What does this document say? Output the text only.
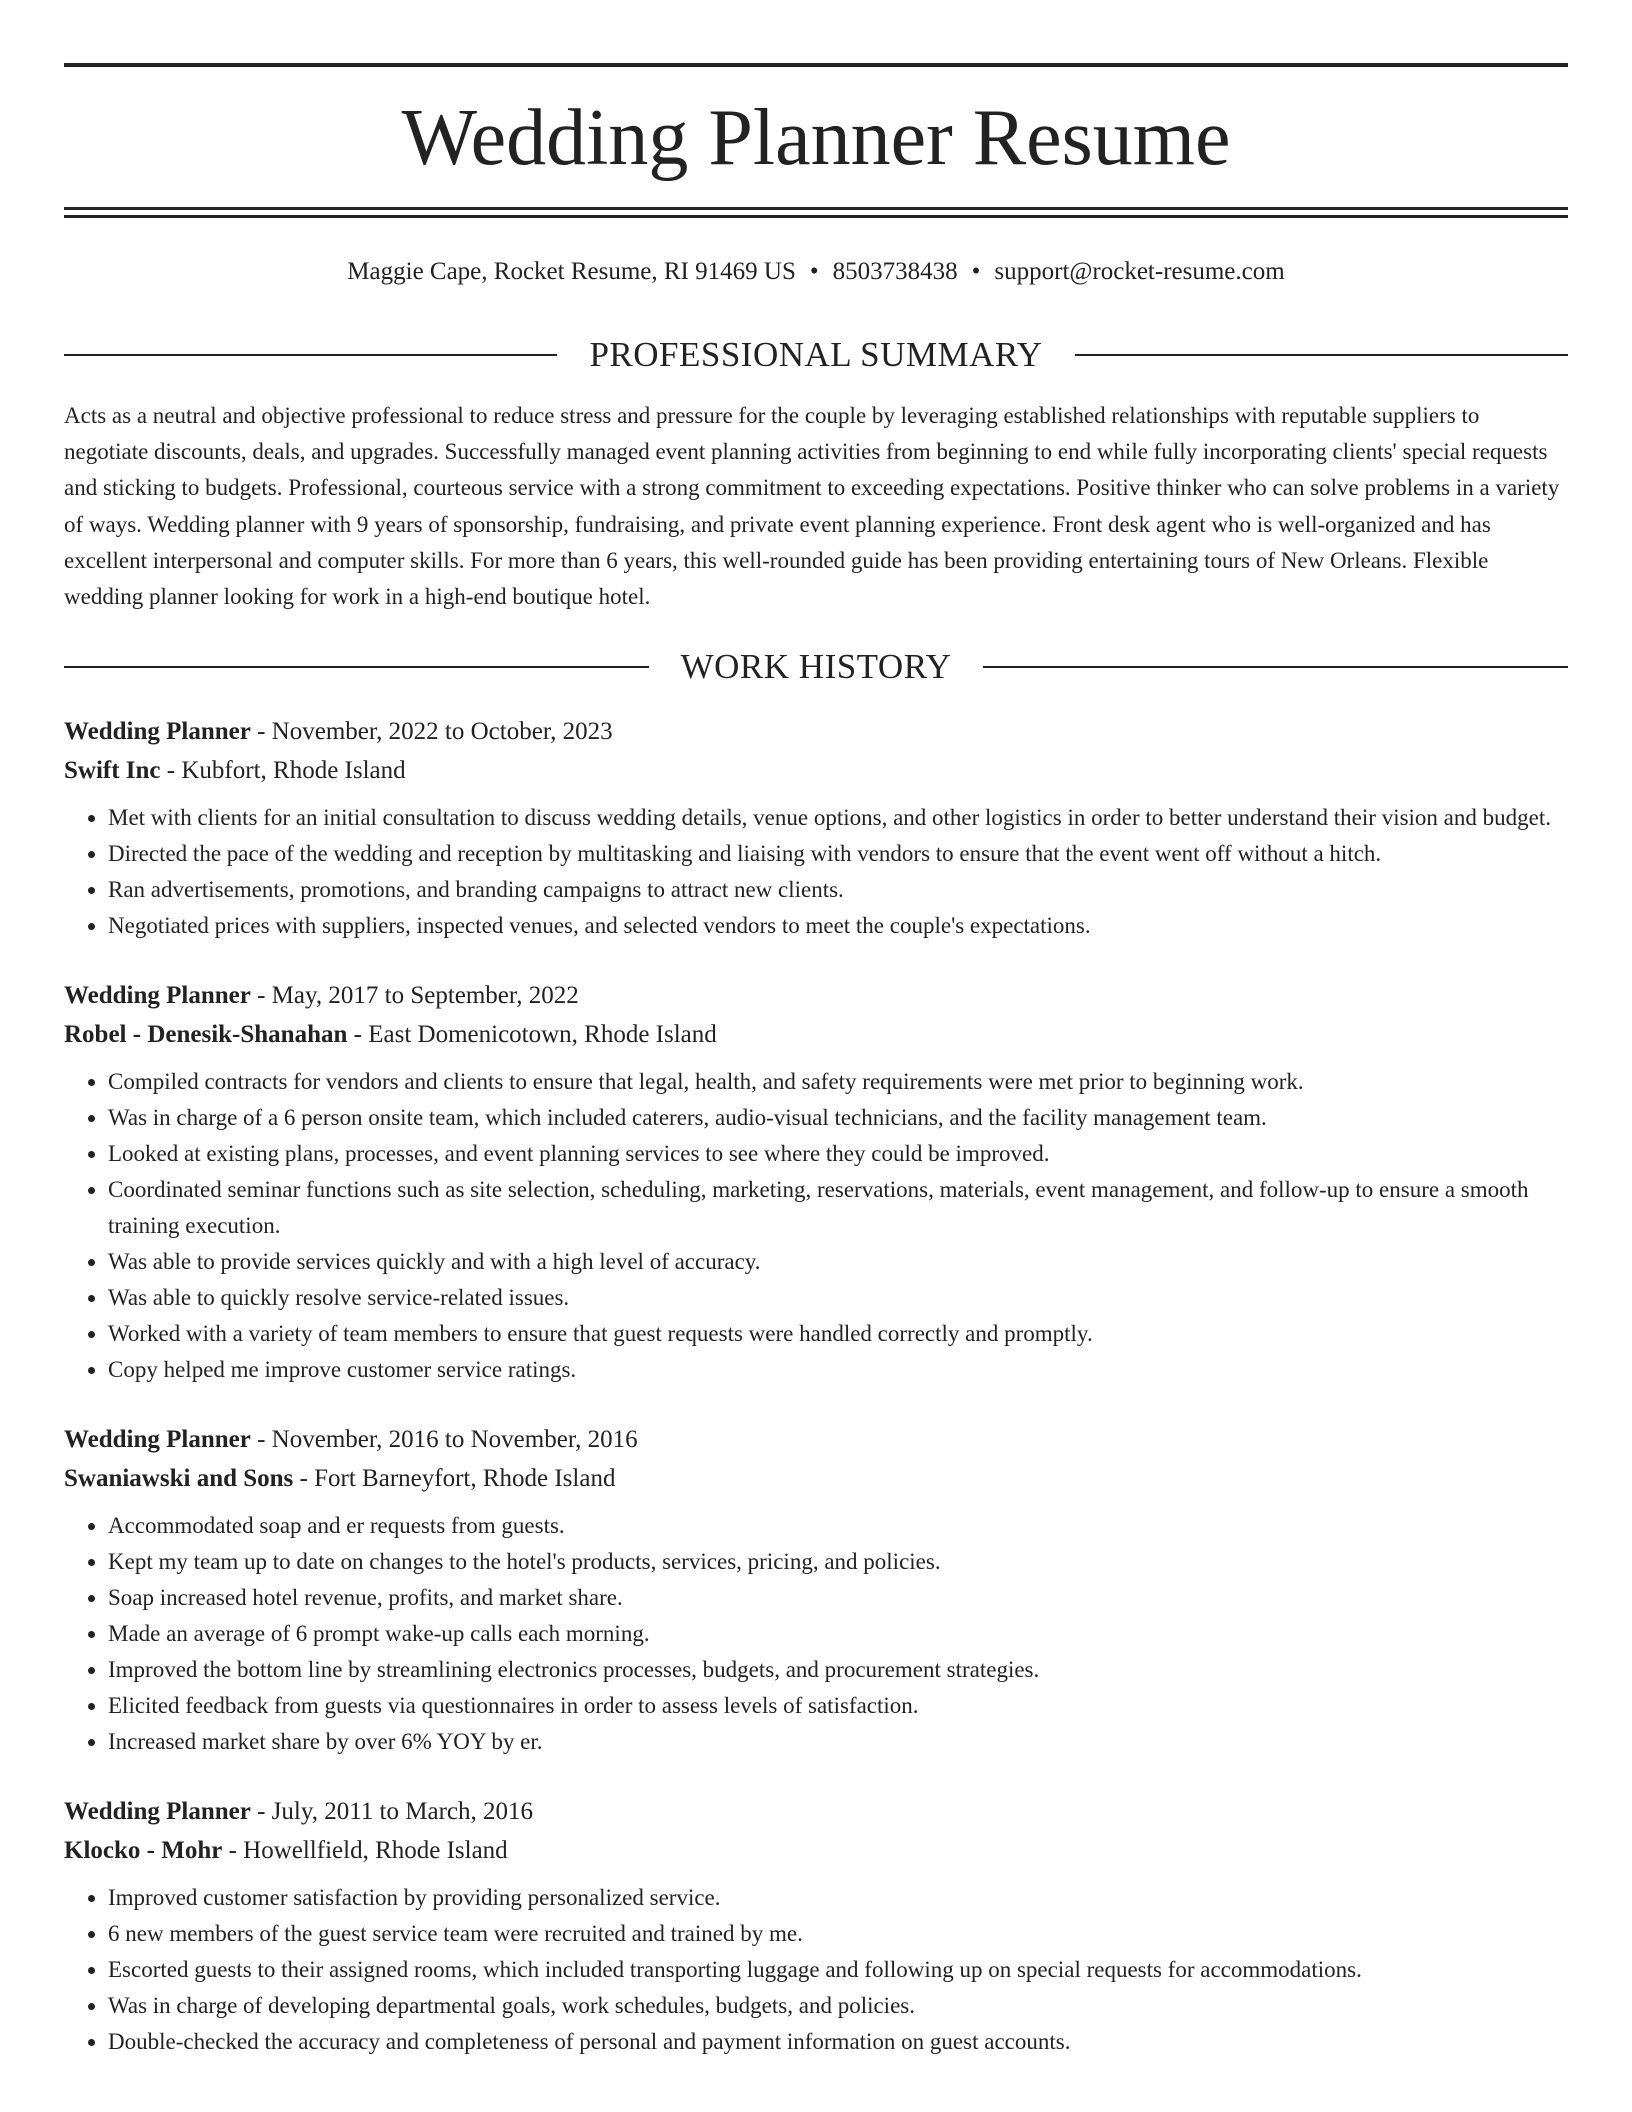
Wedding Planner Resume
Maggie Cape, Rocket Resume, RI 91469 US • 8503738438 • support@rocket-resume.com
PROFESSIONAL SUMMARY

Acts as a neutral and objective professional to reduce stress and pressure for the couple by leveraging established relationships with reputable suppliers to negotiate discounts, deals, and upgrades. Successfully managed event planning activities from beginning to end while fully incorporating clients' special requests and sticking to budgets. Professional, courteous service with a strong commitment to exceeding expectations. Positive thinker who can solve problems in a variety of ways. Wedding planner with 9 years of sponsorship, fundraising, and private event planning experience. Front desk agent who is well-organized and has excellent interpersonal and computer skills. For more than 6 years, this well-rounded guide has been providing entertaining tours of New Orleans. Flexible wedding planner looking for work in a high-end boutique hotel.

WORK HISTORY
Wedding Planner - November, 2022 to October, 2023
Swift Inc - Kubfort, Rhode Island
• Met with clients for an initial consultation to discuss wedding details, venue options, and other logistics in order to better understand their vision and budget.
• Directed the pace of the wedding and reception by multitasking and liaising with vendors to ensure that the event went off without a hitch.
• Ran advertisements, promotions, and branding campaigns to attract new clients.
• Negotiated prices with suppliers, inspected venues, and selected vendors to meet the couple's expectations.
Wedding Planner - May, 2017 to September, 2022
Robel - Denesik-Shanahan - East Domenicotown, Rhode Island
• Compiled contracts for vendors and clients to ensure that legal, health, and safety requirements were met prior to beginning work.
• Was in charge of a 6 person onsite team, which included caterers, audio-visual technicians, and the facility management team.
• Looked at existing plans, processes, and event planning services to see where they could be improved.
• Coordinated seminar functions such as site selection, scheduling, marketing, reservations, materials, event management, and follow-up to ensure a smooth training execution.
• Was able to provide services quickly and with a high level of accuracy.
• Was able to quickly resolve service-related issues.
• Worked with a variety of team members to ensure that guest requests were handled correctly and promptly.
• Copy helped me improve customer service ratings.
Wedding Planner - November, 2016 to November, 2016
Swaniawski and Sons - Fort Barneyfort, Rhode Island
• Accommodated soap and er requests from guests.
• Kept my team up to date on changes to the hotel's products, services, pricing, and policies.
• Soap increased hotel revenue, profits, and market share.
• Made an average of 6 prompt wake-up calls each morning.
• Improved the bottom line by streamlining electronics processes, budgets, and procurement strategies.
• Elicited feedback from guests via questionnaires in order to assess levels of satisfaction.
• Increased market share by over 6% YOY by er.
Wedding Planner - July, 2011 to March, 2016
Klocko - Mohr - Howellfield, Rhode Island
• Improved customer satisfaction by providing personalized service.
• 6 new members of the guest service team were recruited and trained by me.
• Escorted guests to their assigned rooms, which included transporting luggage and following up on special requests for accommodations.
• Was in charge of developing departmental goals, work schedules, budgets, and policies.
• Double-checked the accuracy and completeness of personal and payment information on guest accounts.
